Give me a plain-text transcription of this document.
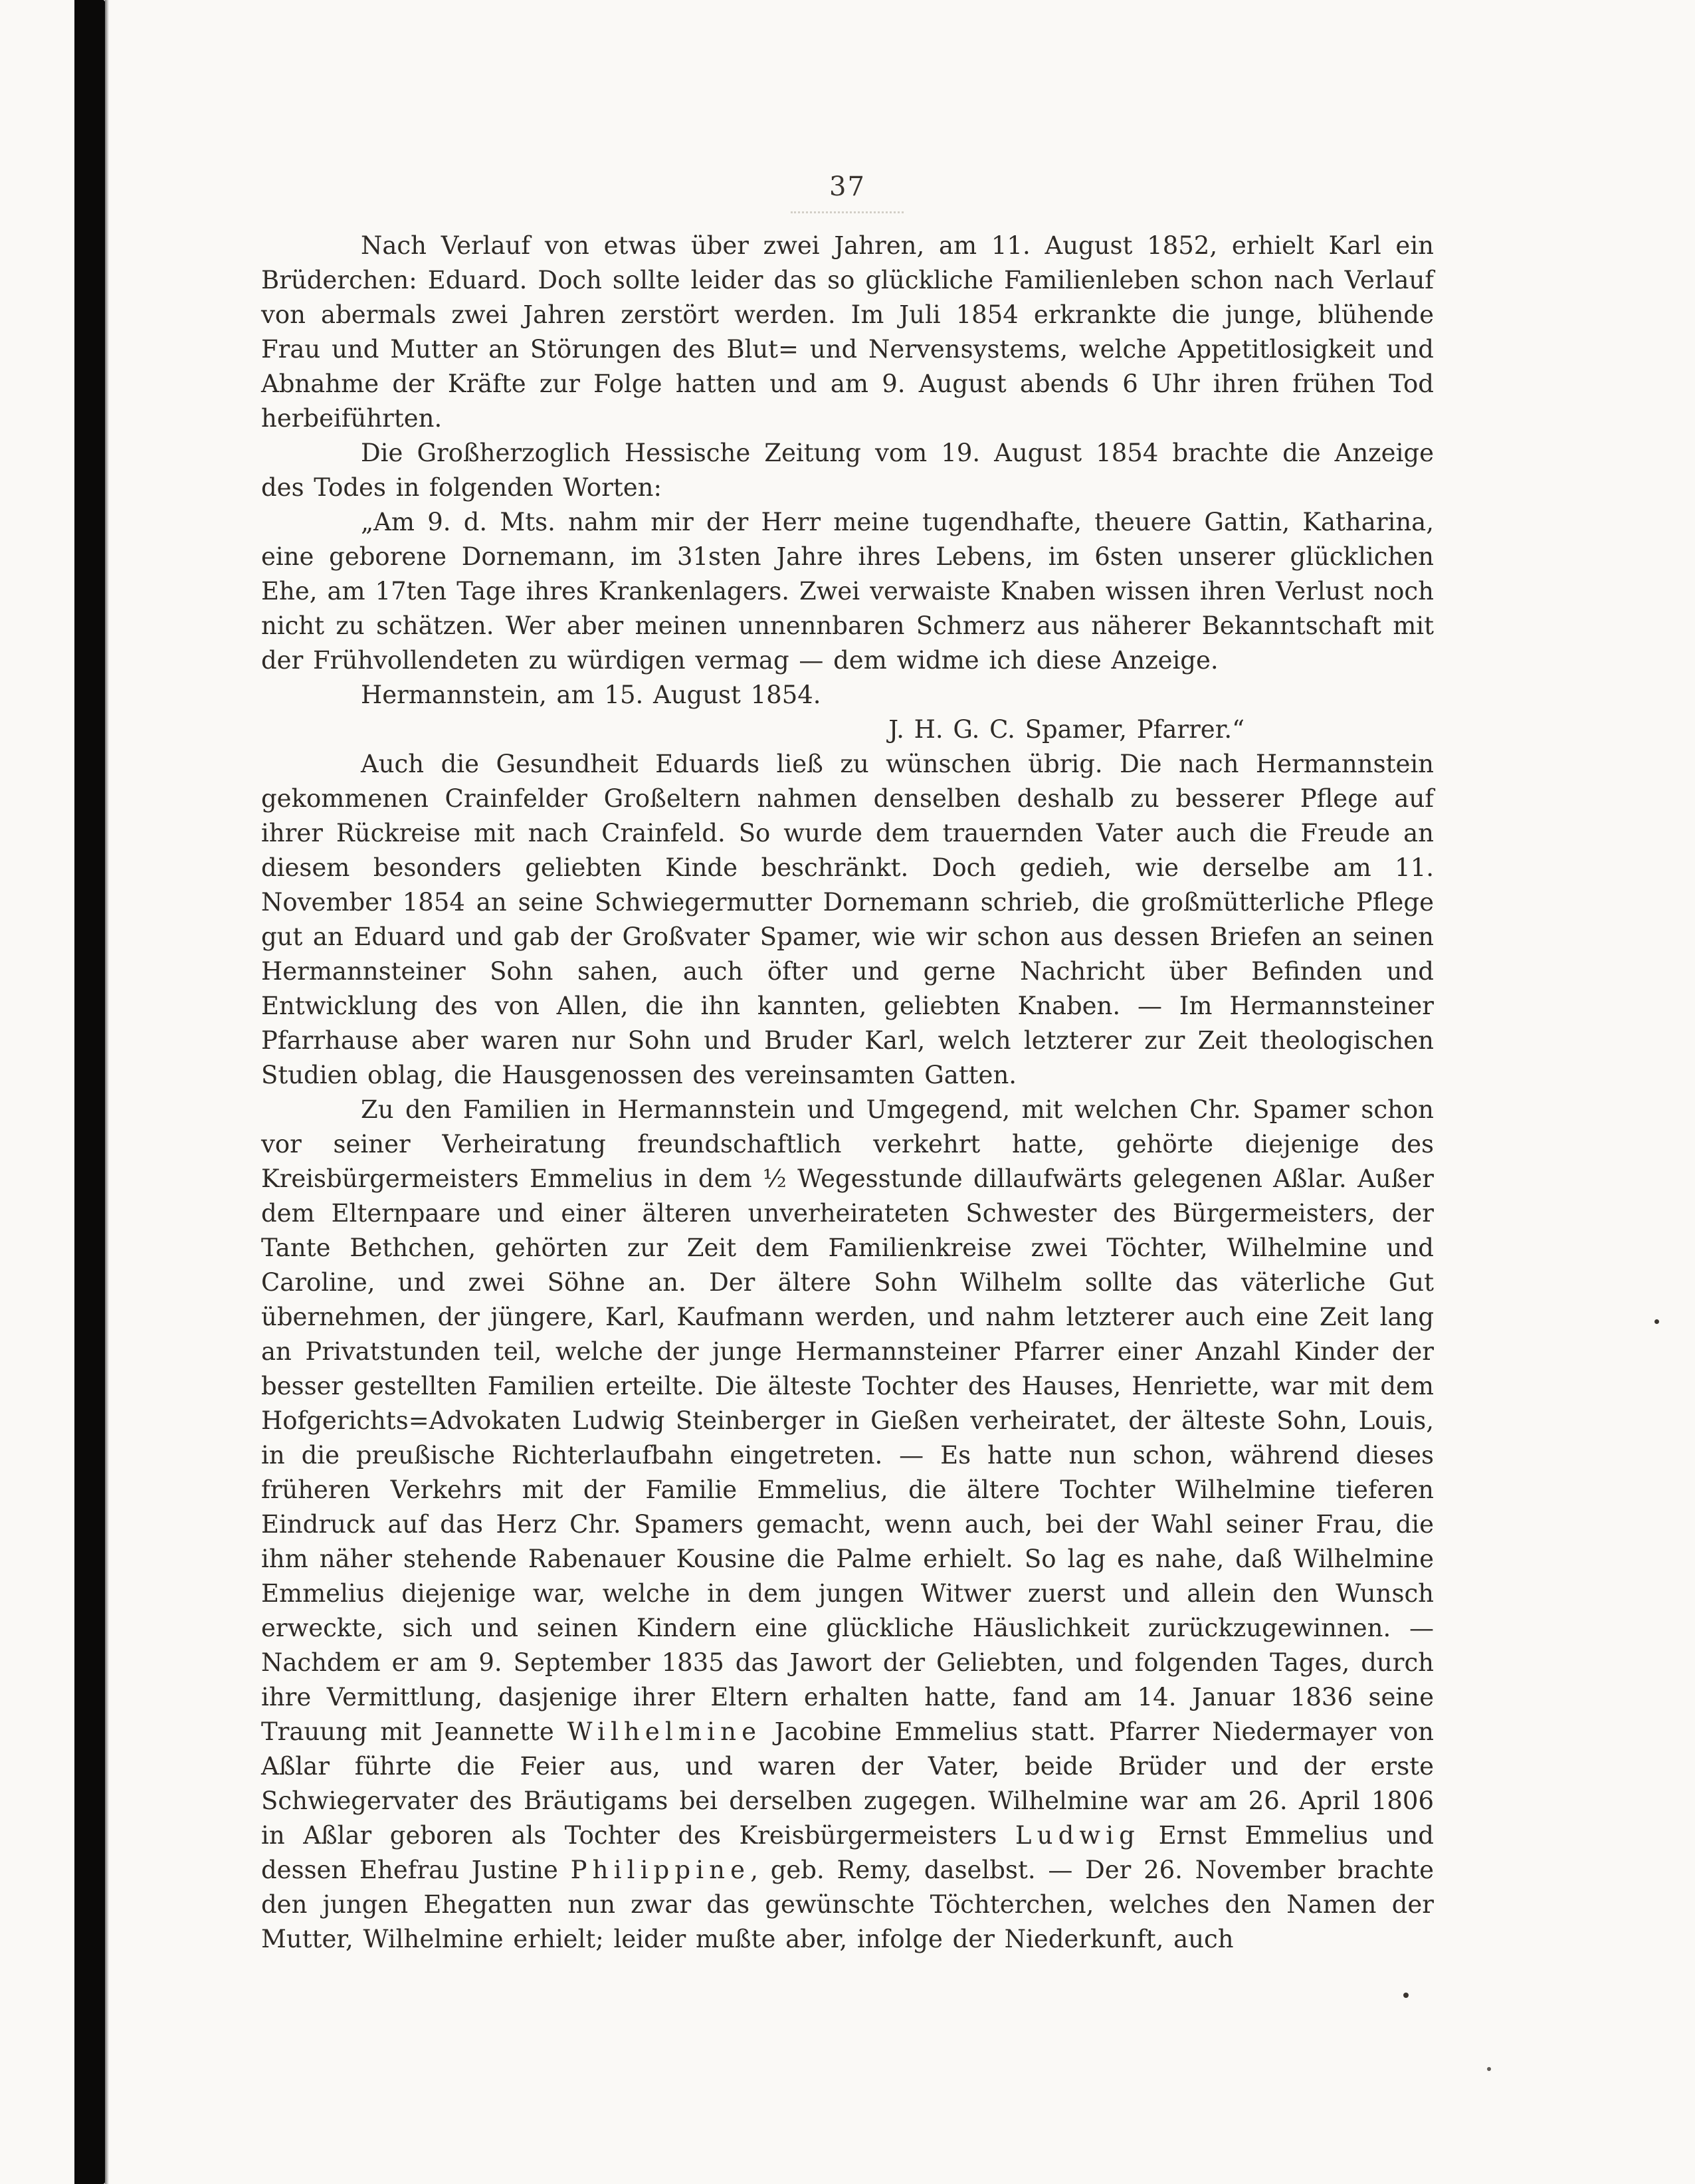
37

Nach Verlauf von etwas über zwei Jahren, am 11. August 1852, erhielt Karl ein Brüderchen: Eduard. Doch sollte leider das so glückliche Familienleben schon nach Verlauf von abermals zwei Jahren zerstört werden. Im Juli 1854 erkrankte die junge, blühende Frau und Mutter an Störungen des Blut= und Nervensystems, welche Appetitlosigkeit und Abnahme der Kräfte zur Folge hatten und am 9. August abends 6 Uhr ihren frühen Tod herbeiführten.

Die Großherzoglich Hessische Zeitung vom 19. August 1854 brachte die Anzeige des Todes in folgenden Worten:

„Am 9. d. Mts. nahm mir der Herr meine tugendhafte, theuere Gattin, Katharina, eine geborene Dornemann, im 31sten Jahre ihres Lebens, im 6sten unserer glücklichen Ehe, am 17ten Tage ihres Krankenlagers. Zwei verwaiste Knaben wissen ihren Verlust noch nicht zu schätzen. Wer aber meinen unnennbaren Schmerz aus näherer Bekanntschaft mit der Frühvollendeten zu würdigen vermag — dem widme ich diese Anzeige.

Hermannstein, am 15. August 1854.

J. H. G. C. Spamer, Pfarrer.“

Auch die Gesundheit Eduards ließ zu wünschen übrig. Die nach Hermannstein gekommenen Crainfelder Großeltern nahmen denselben deshalb zu besserer Pflege auf ihrer Rückreise mit nach Crainfeld. So wurde dem trauernden Vater auch die Freude an diesem besonders geliebten Kinde beschränkt. Doch gedieh, wie derselbe am 11. November 1854 an seine Schwiegermutter Dornemann schrieb, die großmütterliche Pflege gut an Eduard und gab der Großvater Spamer, wie wir schon aus dessen Briefen an seinen Hermannsteiner Sohn sahen, auch öfter und gerne Nachricht über Befinden und Entwicklung des von Allen, die ihn kannten, geliebten Knaben. — Im Hermannsteiner Pfarrhause aber waren nur Sohn und Bruder Karl, welch letzterer zur Zeit theologischen Studien oblag, die Hausgenossen des vereinsamten Gatten.

Zu den Familien in Hermannstein und Umgegend, mit welchen Chr. Spamer schon vor seiner Verheiratung freundschaftlich verkehrt hatte, gehörte diejenige des Kreisbürgermeisters Emmelius in dem ½ Wegesstunde dillaufwärts gelegenen Aßlar. Außer dem Elternpaare und einer älteren unverheirateten Schwester des Bürgermeisters, der Tante Bethchen, gehörten zur Zeit dem Familienkreise zwei Töchter, Wilhelmine und Caroline, und zwei Söhne an. Der ältere Sohn Wilhelm sollte das väterliche Gut übernehmen, der jüngere, Karl, Kaufmann werden, und nahm letzterer auch eine Zeit lang an Privatstunden teil, welche der junge Hermannsteiner Pfarrer einer Anzahl Kinder der besser gestellten Familien erteilte. Die älteste Tochter des Hauses, Henriette, war mit dem Hofgerichts=Advokaten Ludwig Steinberger in Gießen verheiratet, der älteste Sohn, Louis, in die preußische Richterlaufbahn eingetreten. — Es hatte nun schon, während dieses früheren Verkehrs mit der Familie Emmelius, die ältere Tochter Wilhelmine tieferen Eindruck auf das Herz Chr. Spamers gemacht, wenn auch, bei der Wahl seiner Frau, die ihm näher stehende Rabenauer Kousine die Palme erhielt. So lag es nahe, daß Wilhelmine Emmelius diejenige war, welche in dem jungen Witwer zuerst und allein den Wunsch erweckte, sich und seinen Kindern eine glückliche Häuslichkeit zurückzugewinnen. — Nachdem er am 9. September 1835 das Jawort der Geliebten, und folgenden Tages, durch ihre Vermittlung, dasjenige ihrer Eltern erhalten hatte, fand am 14. Januar 1836 seine Trauung mit Jeannette Wilhelmine Jacobine Emmelius statt. Pfarrer Niedermayer von Aßlar führte die Feier aus, und waren der Vater, beide Brüder und der erste Schwiegervater des Bräutigams bei derselben zugegen. Wilhelmine war am 26. April 1806 in Aßlar geboren als Tochter des Kreisbürgermeisters Ludwig Ernst Emmelius und dessen Ehefrau Justine Philippine, geb. Remy, daselbst. — Der 26. November brachte den jungen Ehegatten nun zwar das gewünschte Töchterchen, welches den Namen der Mutter, Wilhelmine erhielt; leider mußte aber, infolge der Niederkunft, auch
